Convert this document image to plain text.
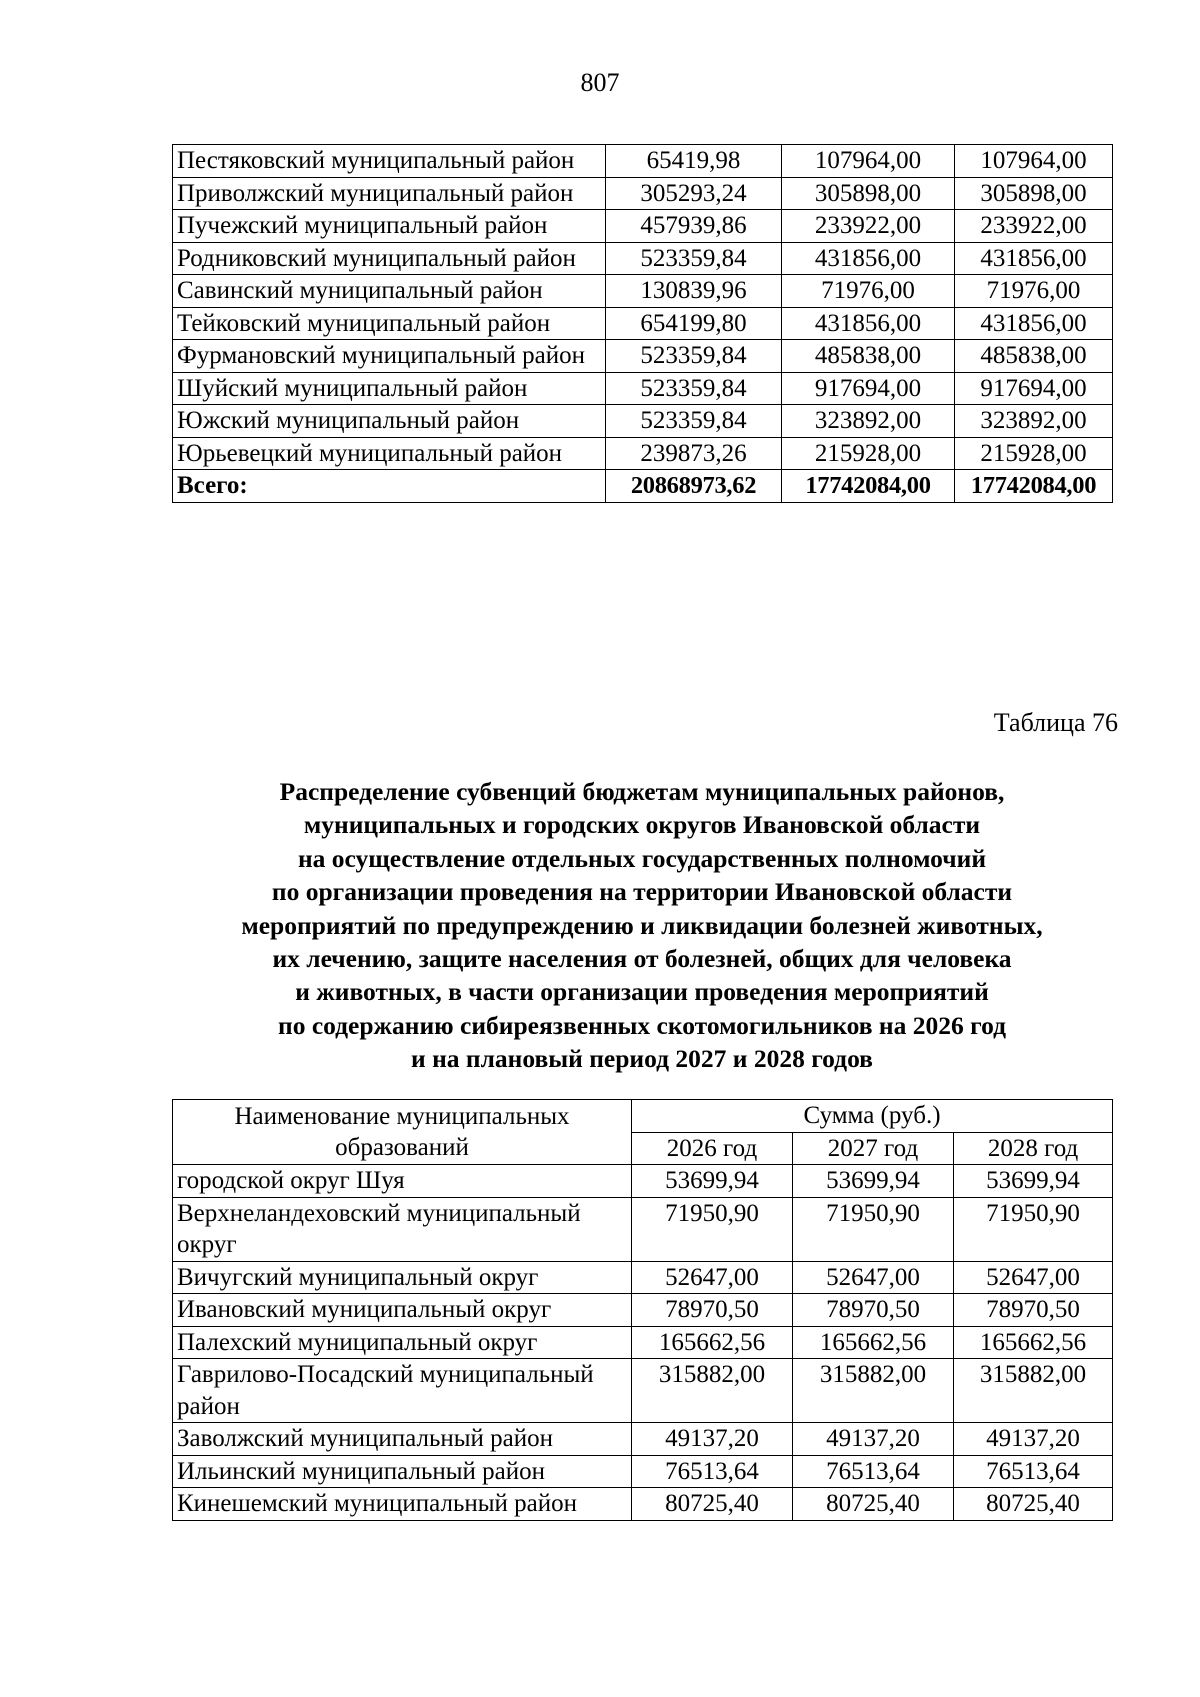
807
Пестяковский муниципальный район	65419,98	107964,00	107964,00
Приволжский муниципальный район	305293,24	305898,00	305898,00
Пучежский муниципальный район	457939,86	233922,00	233922,00
Родниковский муниципальный район	523359,84	431856,00	431856,00
Савинский муниципальный район	130839,96	71976,00	71976,00
Тейковский муниципальный район	654199,80	431856,00	431856,00
Фурмановский муниципальный район	523359,84	485838,00	485838,00
Шуйский муниципальный район	523359,84	917694,00	917694,00
Южский муниципальный район	523359,84	323892,00	323892,00
Юрьевецкий муниципальный район	239873,26	215928,00	215928,00
Всего:	20868973,62	17742084,00	17742084,00
Таблица 76
Распределение субвенций бюджетам муниципальных районов,
муниципальных и городских округов Ивановской области
на осуществление отдельных государственных полномочий
по организации проведения на территории Ивановской области
мероприятий по предупреждению и ликвидации болезней животных,
их лечению, защите населения от болезней, общих для человека
и животных, в части организации проведения мероприятий
по содержанию сибиреязвенных скотомогильников на 2026 год
и на плановый период 2027 и 2028 годов
Наименование муниципальных образований	Сумма (руб.)		
	2026 год	2027 год	2028 год
городской округ Шуя	53699,94	53699,94	53699,94
Верхнеландеховский муниципальный округ	71950,90	71950,90	71950,90
Вичугский муниципальный округ	52647,00	52647,00	52647,00
Ивановский муниципальный округ	78970,50	78970,50	78970,50
Палехский муниципальный округ	165662,56	165662,56	165662,56
Гаврилово-Посадский муниципальный район	315882,00	315882,00	315882,00
Заволжский муниципальный район	49137,20	49137,20	49137,20
Ильинский муниципальный район	76513,64	76513,64	76513,64
Кинешемский муниципальный район	80725,40	80725,40	80725,40
